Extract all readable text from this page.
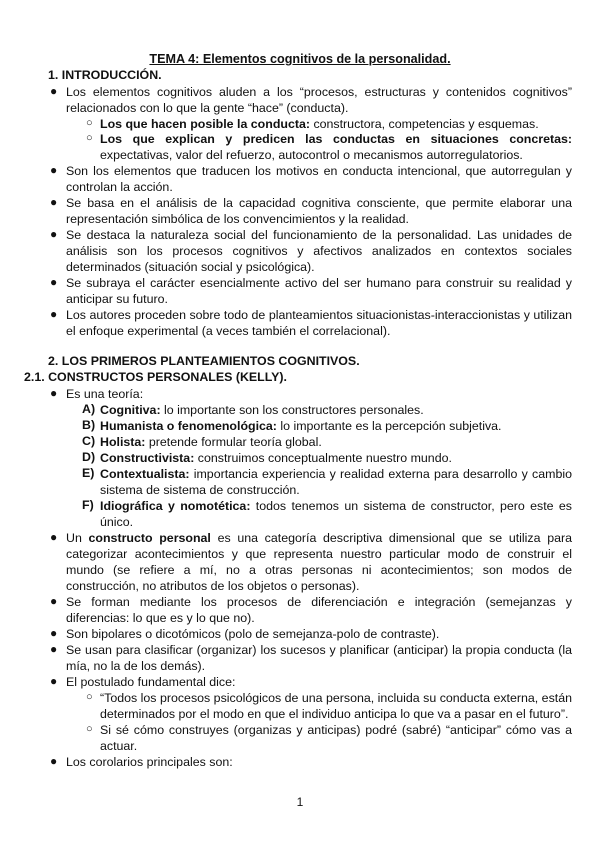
TEMA 4: Elementos cognitivos de la personalidad.
1. INTRODUCCIÓN.
● Los elementos cognitivos aluden a los “procesos, estructuras y contenidos cognitivos” relacionados con lo que la gente “hace” (conducta).
○ Los que hacen posible la conducta: constructora, competencias y esquemas.
○ Los que explican y predicen las conductas en situaciones concretas: expectativas, valor del refuerzo, autocontrol o mecanismos autorregulatorios.
● Son los elementos que traducen los motivos en conducta intencional, que autorregulan y controlan la acción.
● Se basa en el análisis de la capacidad cognitiva consciente, que permite elaborar una representación simbólica de los convencimientos y la realidad.
● Se destaca la naturaleza social del funcionamiento de la personalidad. Las unidades de análisis son los procesos cognitivos y afectivos analizados en contextos sociales determinados (situación social y psicológica).
● Se subraya el carácter esencialmente activo del ser humano para construir su realidad y anticipar su futuro.
● Los autores proceden sobre todo de planteamientos situacionistas-interaccionistas y utilizan el enfoque experimental (a veces también el correlacional).
2. LOS PRIMEROS PLANTEAMIENTOS COGNITIVOS.
2.1. CONSTRUCTOS PERSONALES (KELLY).
● Es una teoría:
A) Cognitiva: lo importante son los constructores personales.
B) Humanista o fenomenológica: lo importante es la percepción subjetiva.
C) Holista: pretende formular teoría global.
D) Constructivista: construimos conceptualmente nuestro mundo.
E) Contextualista: importancia experiencia y realidad externa para desarrollo y cambio sistema de sistema de construcción.
F) Idiográfica y nomotética: todos tenemos un sistema de constructor, pero este es único.
● Un constructo personal es una categoría descriptiva dimensional que se utiliza para categorizar acontecimientos y que representa nuestro particular modo de construir el mundo (se refiere a mí, no a otras personas ni acontecimientos; son modos de construcción, no atributos de los objetos o personas).
● Se forman mediante los procesos de diferenciación e integración (semejanzas y diferencias: lo que es y lo que no).
● Son bipolares o dicotómicos (polo de semejanza-polo de contraste).
● Se usan para clasificar (organizar) los sucesos y planificar (anticipar) la propia conducta (la mía, no la de los demás).
● El postulado fundamental dice:
○ “Todos los procesos psicológicos de una persona, incluida su conducta externa, están determinados por el modo en que el individuo anticipa lo que va a pasar en el futuro”.
○ Si sé cómo construyes (organizas y anticipas) podré (sabré) “anticipar” cómo vas a actuar.
● Los corolarios principales son:
1
